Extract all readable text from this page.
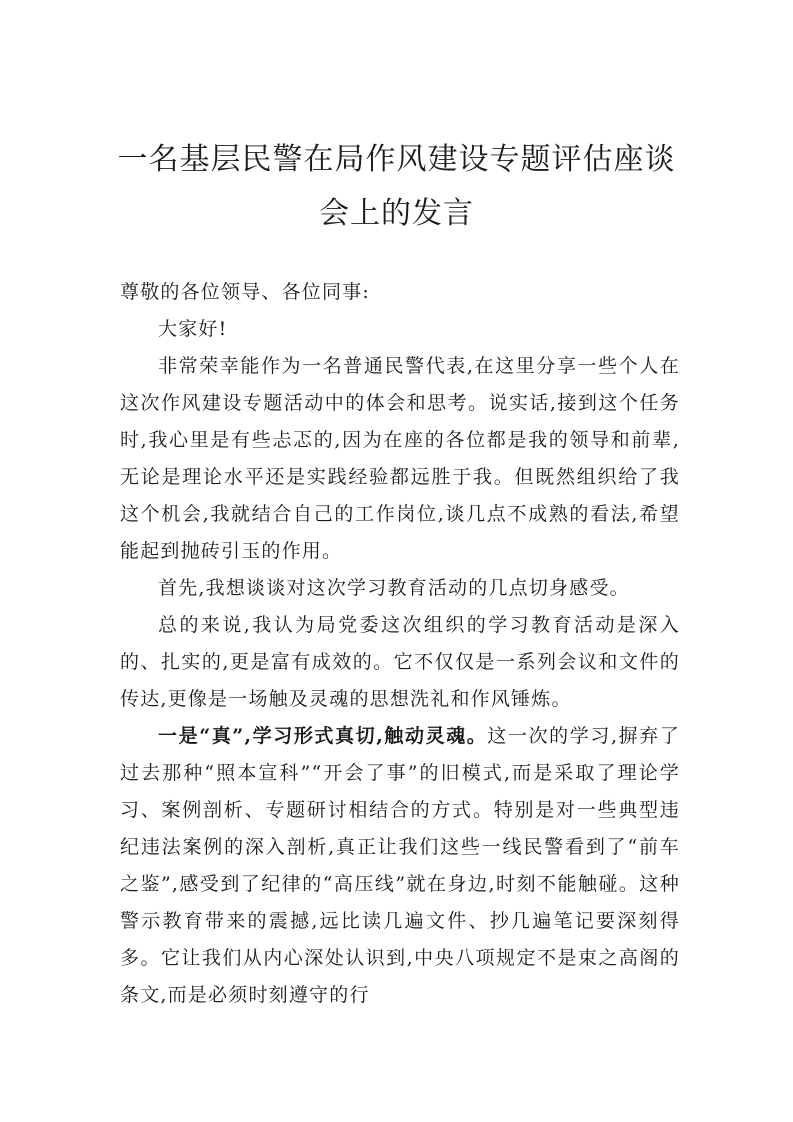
一名基层民警在局作风建设专题评估座谈
会上的发言

尊敬的各位领导、各位同事:

大家好!

非常荣幸能作为一名普通民警代表,在这里分享一些个人在这次作风建设专题活动中的体会和思考。说实话,接到这个任务时,我心里是有些忐忑的,因为在座的各位都是我的领导和前辈,无论是理论水平还是实践经验都远胜于我。但既然组织给了我这个机会,我就结合自己的工作岗位,谈几点不成熟的看法,希望能起到抛砖引玉的作用。

首先,我想谈谈对这次学习教育活动的几点切身感受。

总的来说,我认为局党委这次组织的学习教育活动是深入的、扎实的,更是富有成效的。它不仅仅是一系列会议和文件的传达,更像是一场触及灵魂的思想洗礼和作风锤炼。

一是“真”,学习形式真切,触动灵魂。这一次的学习,摒弃了过去那种“照本宣科”“开会了事”的旧模式,而是采取了理论学习、案例剖析、专题研讨相结合的方式。特别是对一些典型违纪违法案例的深入剖析,真正让我们这些一线民警看到了“前车之鉴”,感受到了纪律的“高压线”就在身边,时刻不能触碰。这种警示教育带来的震撼,远比读几遍文件、抄几遍笔记要深刻得多。它让我们从内心深处认识到,中央八项规定不是束之高阁的条文,而是必须时刻遵守的行
